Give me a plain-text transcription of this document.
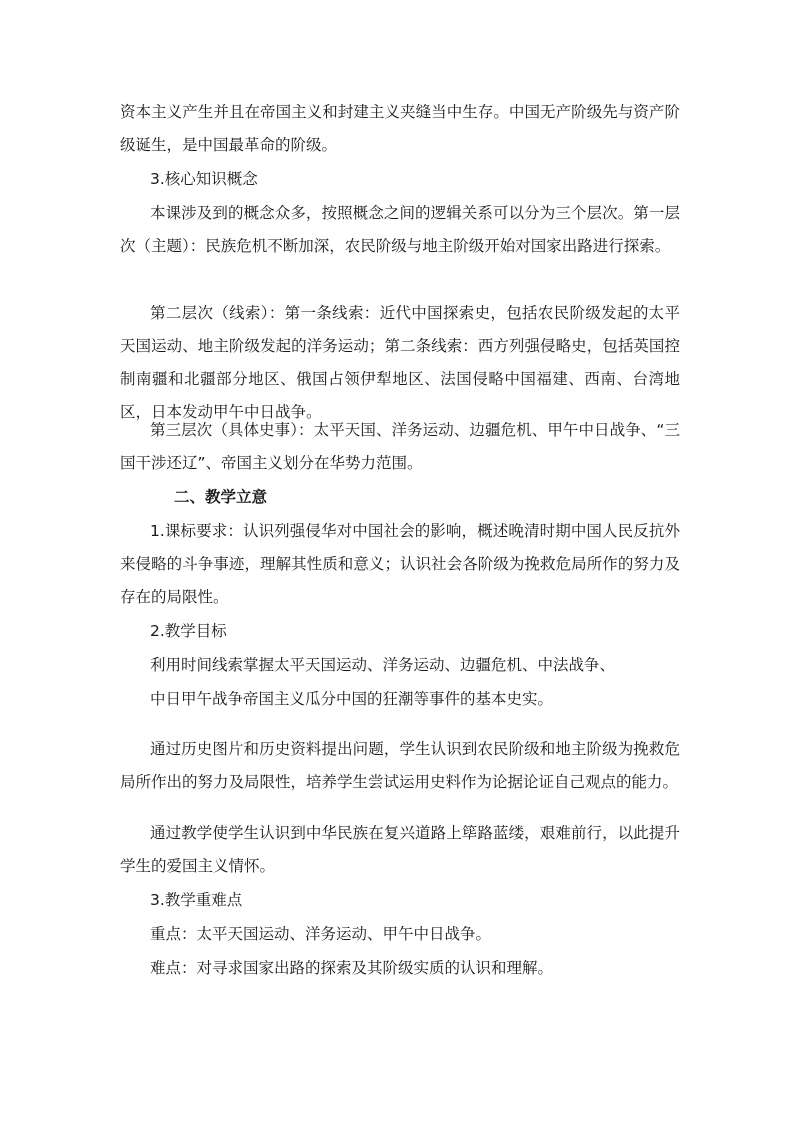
资本主义产生并且在帝国主义和封建主义夹缝当中生存。中国无产阶级先与资产阶级诞生，是中国最革命的阶级。

3.核心知识概念

本课涉及到的概念众多，按照概念之间的逻辑关系可以分为三个层次。第一层次（主题）：民族危机不断加深，农民阶级与地主阶级开始对国家出路进行探索。

第二层次（线索）：第一条线索：近代中国探索史，包括农民阶级发起的太平天国运动、地主阶级发起的洋务运动；第二条线索：西方列强侵略史，包括英国控制南疆和北疆部分地区、俄国占领伊犁地区、法国侵略中国福建、西南、台湾地区，日本发动甲午中日战争。

第三层次（具体史事）：太平天国、洋务运动、边疆危机、甲午中日战争、“三国干涉还辽”、帝国主义划分在华势力范围。

二、教学立意

1.课标要求：认识列强侵华对中国社会的影响，概述晚清时期中国人民反抗外来侵略的斗争事迹，理解其性质和意义；认识社会各阶级为挽救危局所作的努力及存在的局限性。

2.教学目标

利用时间线索掌握太平天国运动、洋务运动、边疆危机、中法战争、

中日甲午战争帝国主义瓜分中国的狂潮等事件的基本史实。

通过历史图片和历史资料提出问题，学生认识到农民阶级和地主阶级为挽救危局所作出的努力及局限性，培养学生尝试运用史料作为论据论证自己观点的能力。

通过教学使学生认识到中华民族在复兴道路上筚路蓝缕，艰难前行，以此提升学生的爱国主义情怀。

3.教学重难点

重点：太平天国运动、洋务运动、甲午中日战争。

难点：对寻求国家出路的探索及其阶级实质的认识和理解。
